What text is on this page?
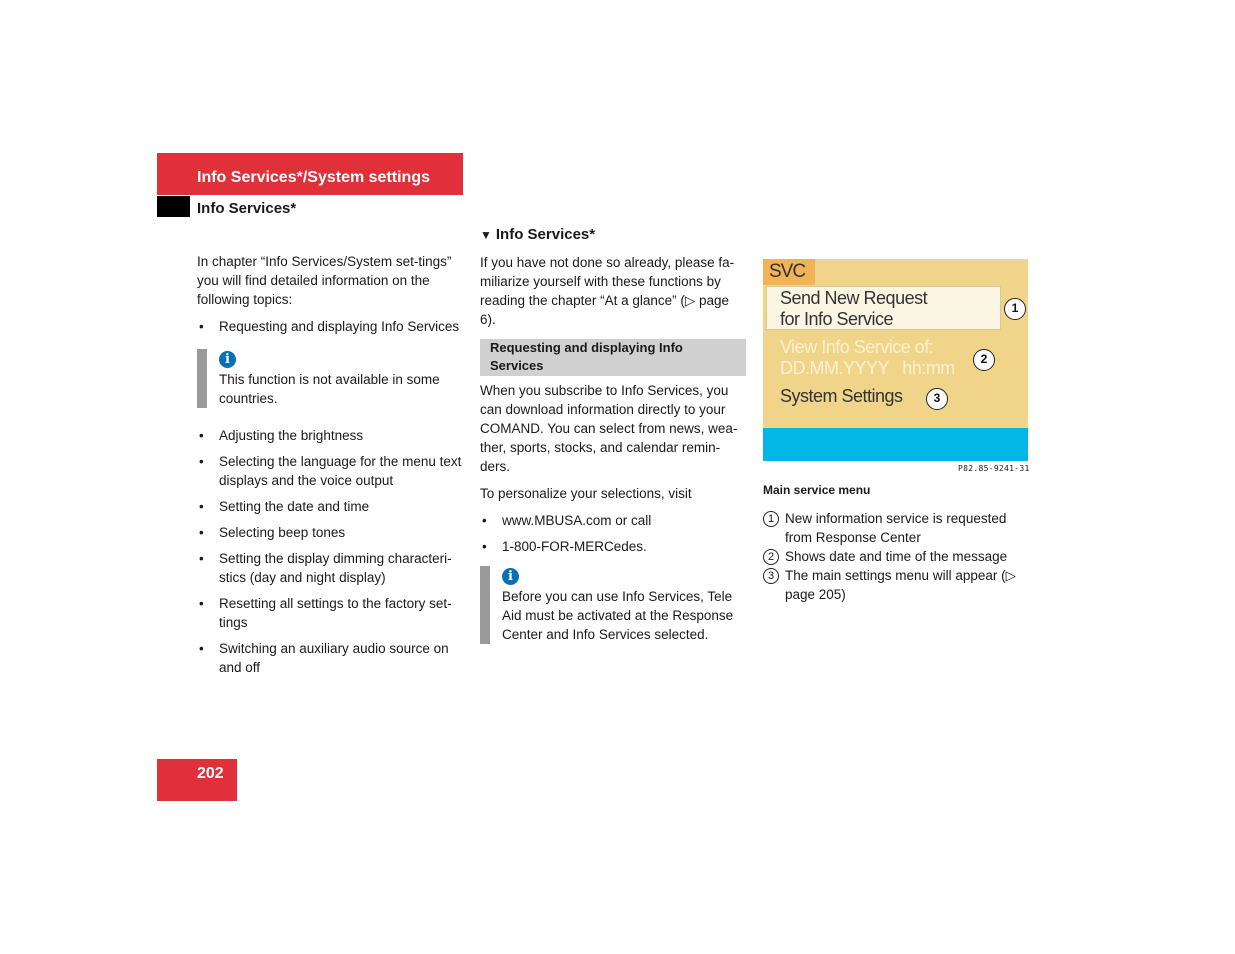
Info Services*/System settings
Info Services*

In chapter “Info Services/System set-tings” you will find detailed information on the following topics:

• Requesting and displaying Info Services
i
This function is not available in some countries.
• Adjusting the brightness
• Selecting the language for the menu text displays and the voice output
• Setting the date and time
• Selecting beep tones
• Setting the display dimming characteri-stics (day and night display)
• Resetting all settings to the factory set-tings
• Switching an auxiliary audio source on and off
▼ Info Services*

If you have not done so already, please fa-miliarize yourself with these functions by reading the chapter “At a glance” (▷ page 6).

Requesting and displaying Info Services

When you subscribe to Info Services, you can download information directly to your COMAND. You can select from news, wea-ther, sports, stocks, and calendar remin-ders.

To personalize your selections, visit

• www.MBUSA.com or call
• 1-800-FOR-MERCedes.
i
Before you can use Info Services, Tele Aid must be activated at the Response Center and Info Services selected.
SVC
Send New Request
for Info Service
View Info Service of:
DD.MM.YYYY   hh:mm
System Settings
1
2
3
P82.85-9241-31
Main service menu
1 New information service is requested from Response Center
2 Shows date and time of the message
3 The main settings menu will appear (▷ page 205)
202
